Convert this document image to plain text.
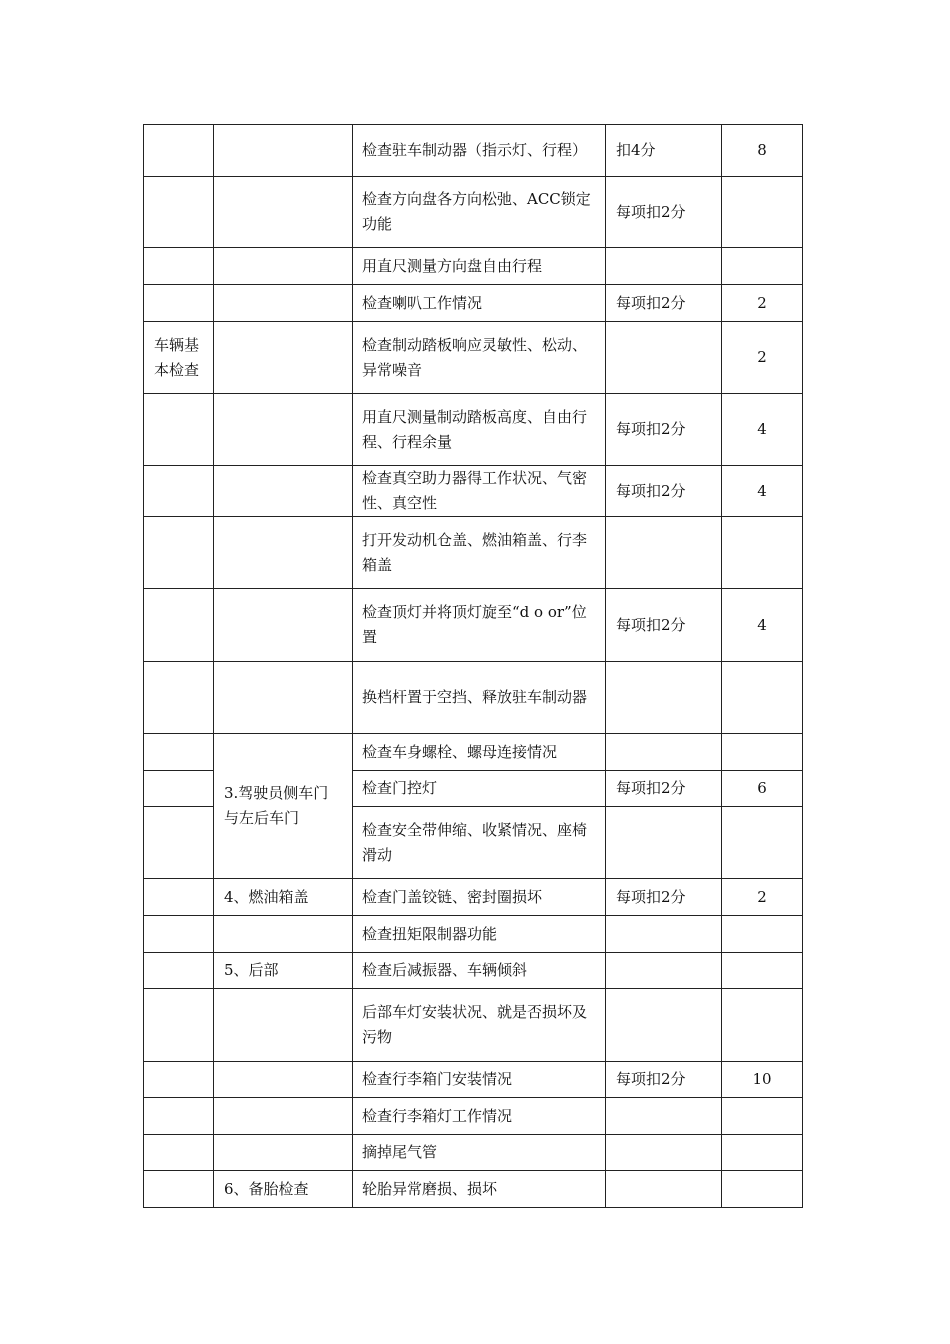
		检查驻车制动器（指示灯、行程）	扣4分	8
		检查方向盘各方向松弛、ACC锁定功能	每项扣2分	
		用直尺测量方向盘自由行程		
		检查喇叭工作情况	每项扣2分	2
车辆基本检查		检查制动踏板响应灵敏性、松动、异常噪音		2
		用直尺测量制动踏板高度、自由行程、行程余量	每项扣2分	4
		检查真空助力器得工作状况、气密性、真空性	每项扣2分	4
		打开发动机仓盖、燃油箱盖、行李箱盖		
		检查顶灯并将顶灯旋至“d o or”位置	每项扣2分	4
		换档杆置于空挡、释放驻车制动器		
	3.驾驶员侧车门与左后车门	检查车身螺栓、螺母连接情况		
		检查门控灯	每项扣2分	6
		检查安全带伸缩、收紧情况、座椅滑动		
	4、燃油箱盖	检查门盖铰链、密封圈损坏	每项扣2分	2
		检查扭矩限制器功能		
	5、后部	检查后减振器、车辆倾斜		
		后部车灯安装状况、就是否损坏及污物		
		检查行李箱门安装情况	每项扣2分	10
		检查行李箱灯工作情况		
		摘掉尾气管		
	6、备胎检查	轮胎异常磨损、损坏		
